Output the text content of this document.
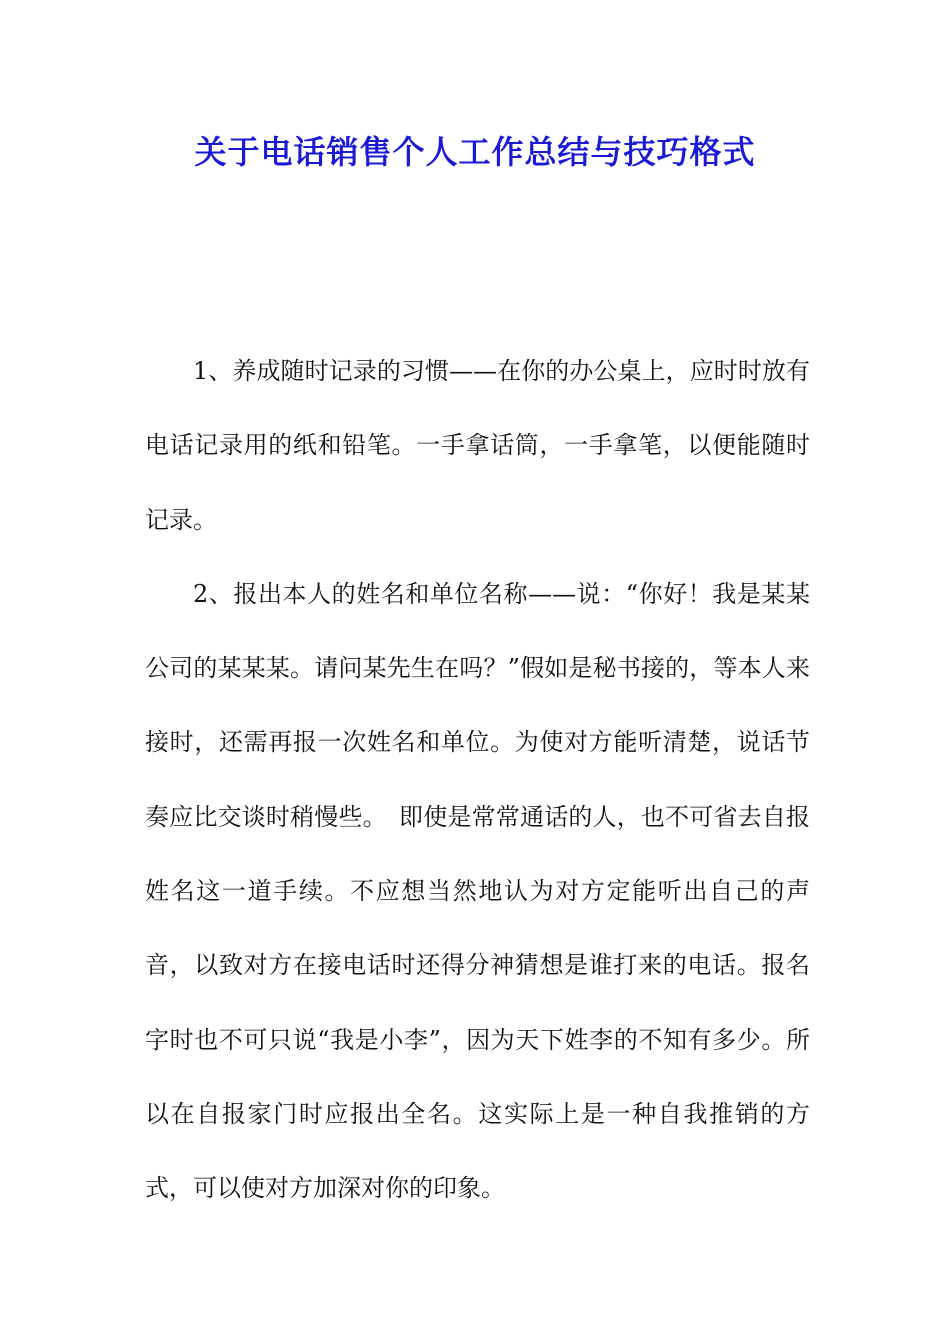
关于电话销售个人工作总结与技巧格式

1、养成随时记录的习惯——在你的办公桌上，应时时放有电话记录用的纸和铅笔。一手拿话筒，一手拿笔，以便能随时记录。

2、报出本人的姓名和单位名称——说：“你好！我是某某公司的某某某。请问某先生在吗？”假如是秘书接的，等本人来接时，还需再报一次姓名和单位。为使对方能听清楚，说话节奏应比交谈时稍慢些。　即使是常常通话的人，也不可省去自报姓名这一道手续。不应想当然地认为对方定能听出自己的声音，以致对方在接电话时还得分神猜想是谁打来的电话。报名字时也不可只说“我是小李”，因为天下姓李的不知有多少。所以在自报家门时应报出全名。这实际上是一种自我推销的方式，可以使对方加深对你的印象。
